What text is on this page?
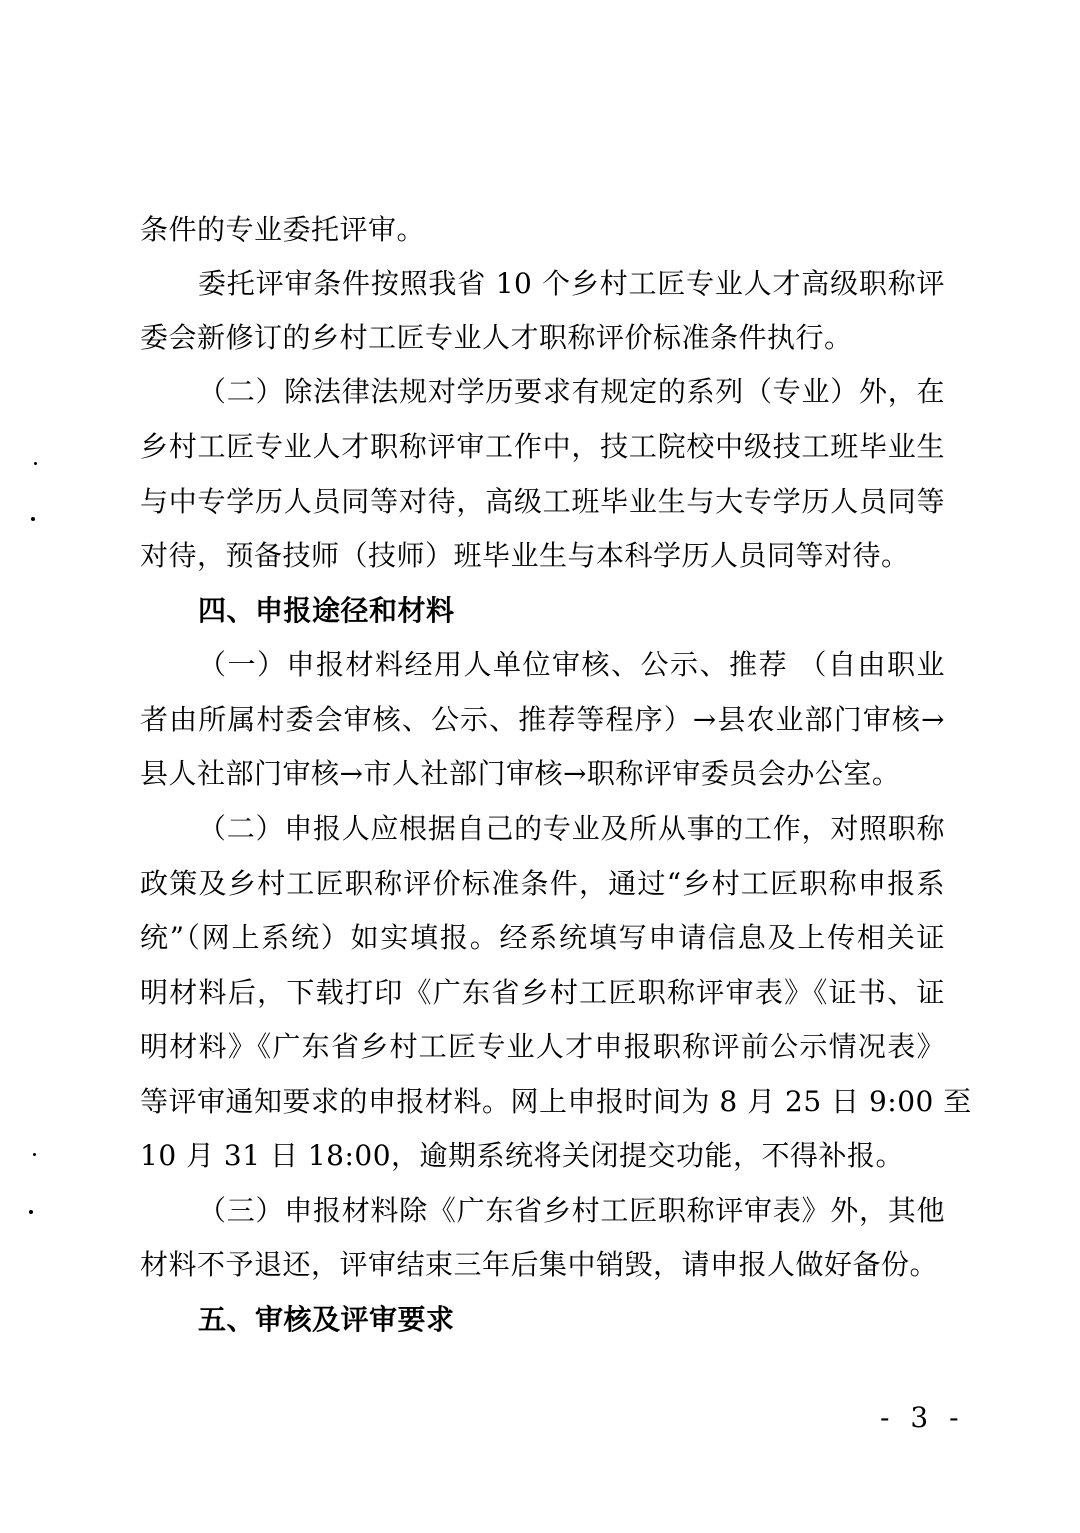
条件的专业委托评审。
委托评审条件按照我省 10 个乡村工匠专业人才高级职称评
委会新修订的乡村工匠专业人才职称评价标准条件执行。
（二）除法律法规对学历要求有规定的系列（专业）外，在
乡村工匠专业人才职称评审工作中，技工院校中级技工班毕业生
与中专学历人员同等对待，高级工班毕业生与大专学历人员同等
对待，预备技师（技师）班毕业生与本科学历人员同等对待。
四、申报途径和材料
（一）申报材料经用人单位审核、公示、推荐 （自由职业
者由所属村委会审核、公示、推荐等程序）→县农业部门审核→
县人社部门审核→市人社部门审核→职称评审委员会办公室。
（二）申报人应根据自己的专业及所从事的工作，对照职称
政策及乡村工匠职称评价标准条件，通过“乡村工匠职称申报系
统”（网上系统）如实填报。经系统填写申请信息及上传相关证
明材料后，下载打印《广东省乡村工匠职称评审表》《证书、证
明材料》《广东省乡村工匠专业人才申报职称评前公示情况表》
等评审通知要求的申报材料。网上申报时间为 8 月 25 日 9:00 至
10 月 31 日 18:00，逾期系统将关闭提交功能，不得补报。
（三）申报材料除《广东省乡村工匠职称评审表》外，其他
材料不予退还，评审结束三年后集中销毁，请申报人做好备份。
五、审核及评审要求
- 3 -
